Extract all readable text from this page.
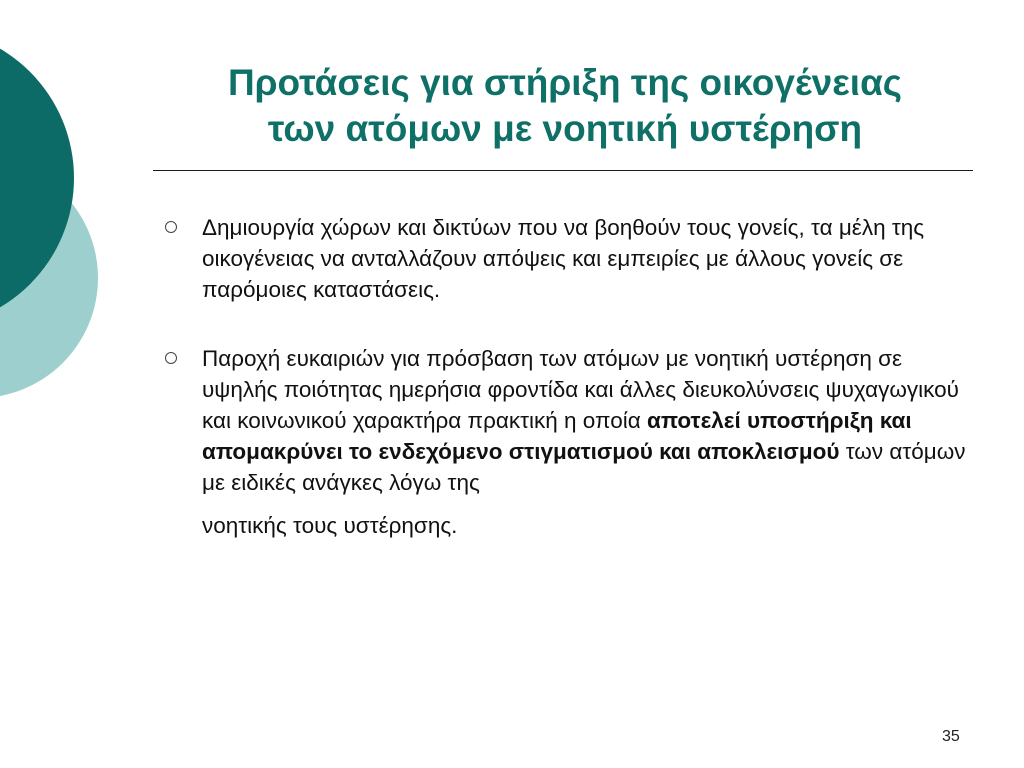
Προτάσεις για στήριξη της οικογένειας
των ατόμων με νοητική υστέρηση
Δημιουργία χώρων και δικτύων που να βοηθούν τους γονείς, τα μέλη της οικογένειας να ανταλλάζουν απόψεις και εμπειρίες με άλλους γονείς σε παρόμοιες καταστάσεις.
Παροχή ευκαιριών για πρόσβαση των ατόμων με νοητική υστέρηση σε υψηλής ποιότητας ημερήσια φροντίδα και άλλες διευκολύνσεις ψυχαγωγικού και κοινωνικού χαρακτήρα πρακτική η οποία αποτελεί υποστήριξη και απομακρύνει το ενδεχόμενο στιγματισμού και αποκλεισμού των ατόμων με ειδικές ανάγκες λόγω της
νοητικής τους υστέρησης.
35
